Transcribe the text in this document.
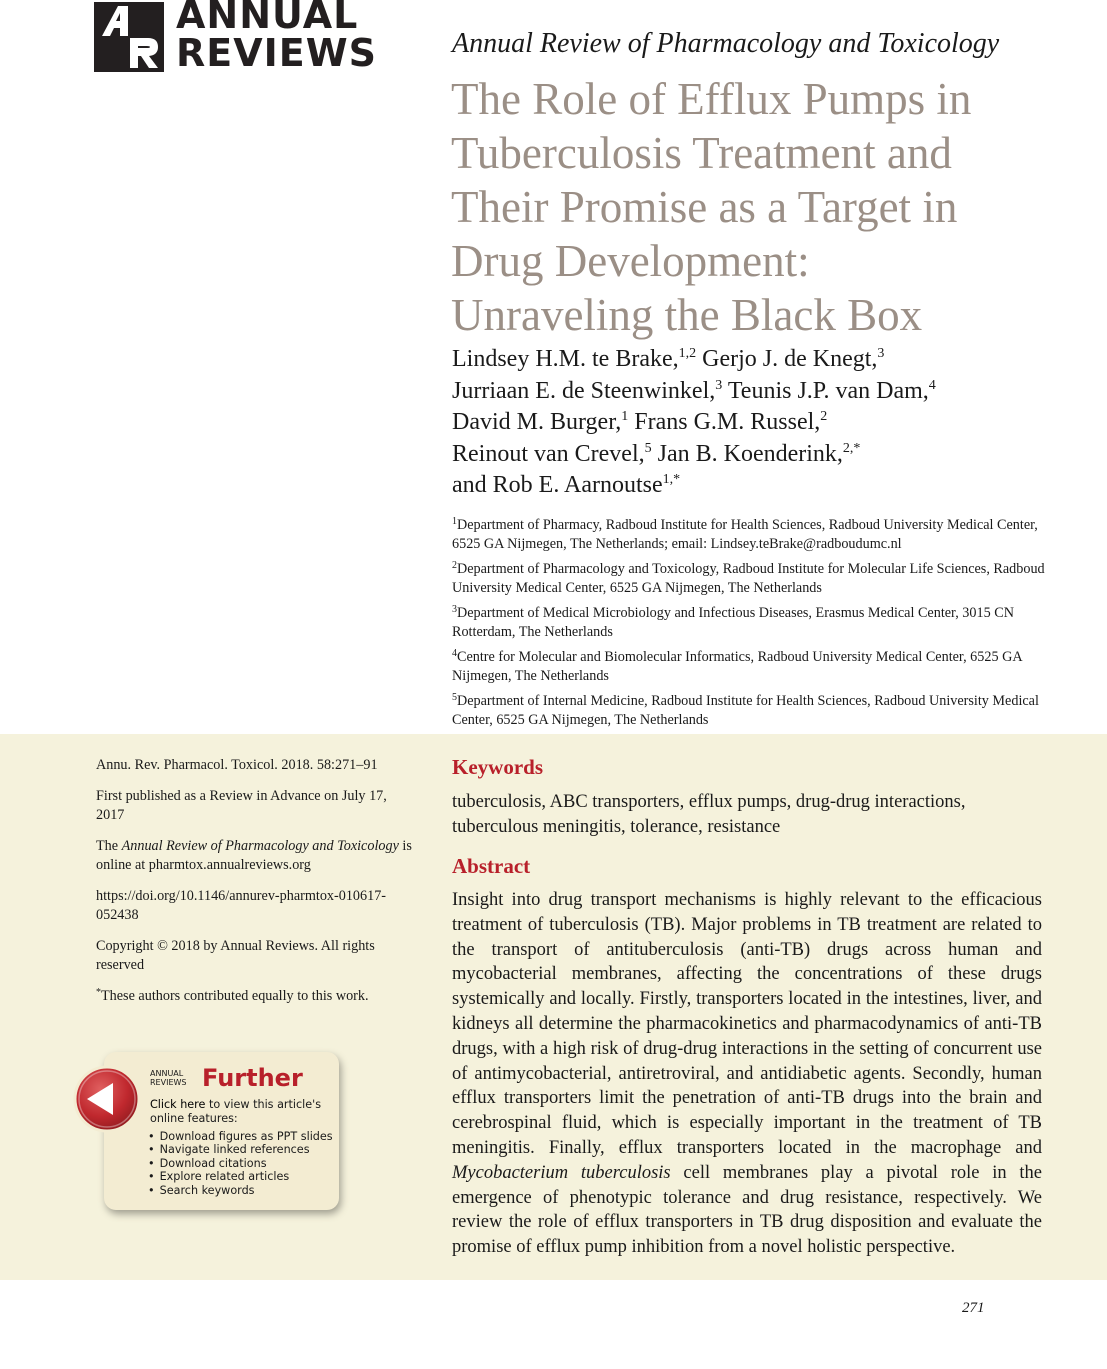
ANNUAL
REVIEWS	Annual Review of Pharmacology and Toxicology
The Role of Efflux Pumps in
Tuberculosis Treatment and
Their Promise as a Target in
Drug Development:
Unraveling the Black Box
Lindsey H.M. te Brake,$^{1,2}$ Gerjo J. de Knegt,$^3$
Jurriaan E. de Steenwinkel,$^3$ Teunis J.P. van Dam,$^4$
David M. Burger,$^1$ Frans G.M. Russel,$^2$
Reinout van Crevel,$^5$ Jan B. Koenderink,$^{2,*}$
and Rob E. Aarnoutse$^{1,*}$

$^1$Department of Pharmacy, Radboud Institute for Health Sciences, Radboud University Medical Center, 6525 GA Nijmegen, The Netherlands; email: Lindsey.teBrake@radboudumc.nl

$^2$Department of Pharmacology and Toxicology, Radboud Institute for Molecular Life Sciences, Radboud University Medical Center, 6525 GA Nijmegen, The Netherlands

$^3$Department of Medical Microbiology and Infectious Diseases, Erasmus Medical Center, 3015 CN Rotterdam, The Netherlands

$^4$Centre for Molecular and Biomolecular Informatics, Radboud University Medical Center, 6525 GA Nijmegen, The Netherlands

$^5$Department of Internal Medicine, Radboud Institute for Health Sciences, Radboud University Medical Center, 6525 GA Nijmegen, The Netherlands

Annu. Rev. Pharmacol. Toxicol. 2018. 58:271–91

First published as a Review in Advance on July 17, 2017

The Annual Review of Pharmacology and Toxicology is online at pharmtox.annualreviews.org

https://doi.org/10.1146/annurev-pharmtox-010617-052438

Copyright © 2018 by Annual Reviews. All rights reserved

*These authors contributed equally to this work.

Keywords
tuberculosis, ABC transporters, efflux pumps, drug-drug interactions, tuberculous meningitis, tolerance, resistance
Abstract

Insight into drug transport mechanisms is highly relevant to the efficacious treatment of tuberculosis (TB). Major problems in TB treatment are related to the transport of antituberculosis (anti-TB) drugs across human and mycobacterial membranes, affecting the concentrations of these drugs systemically and locally. Firstly, transporters located in the intestines, liver, and kidneys all determine the pharmacokinetics and pharmacodynamics of anti-TB drugs, with a high risk of drug-drug interactions in the setting of concurrent use of antimycobacterial, antiretroviral, and antidiabetic agents. Secondly, human efflux transporters limit the penetration of anti-TB drugs into the brain and cerebrospinal fluid, which is especially important in the treatment of TB meningitis. Finally, efflux transporters located in the macrophage and Mycobacterium tuberculosis cell membranes play a pivotal role in the emergence of phenotypic tolerance and drug resistance, respectively. We review the role of efflux transporters in TB drug disposition and evaluate the promise of efflux pump inhibition from a novel holistic perspective.

ANNUAL
REVIEWS Further
Click here to view this article's online features:
• Download figures as PPT slides
• Navigate linked references
• Download citations
• Explore related articles
• Search keywords
271
